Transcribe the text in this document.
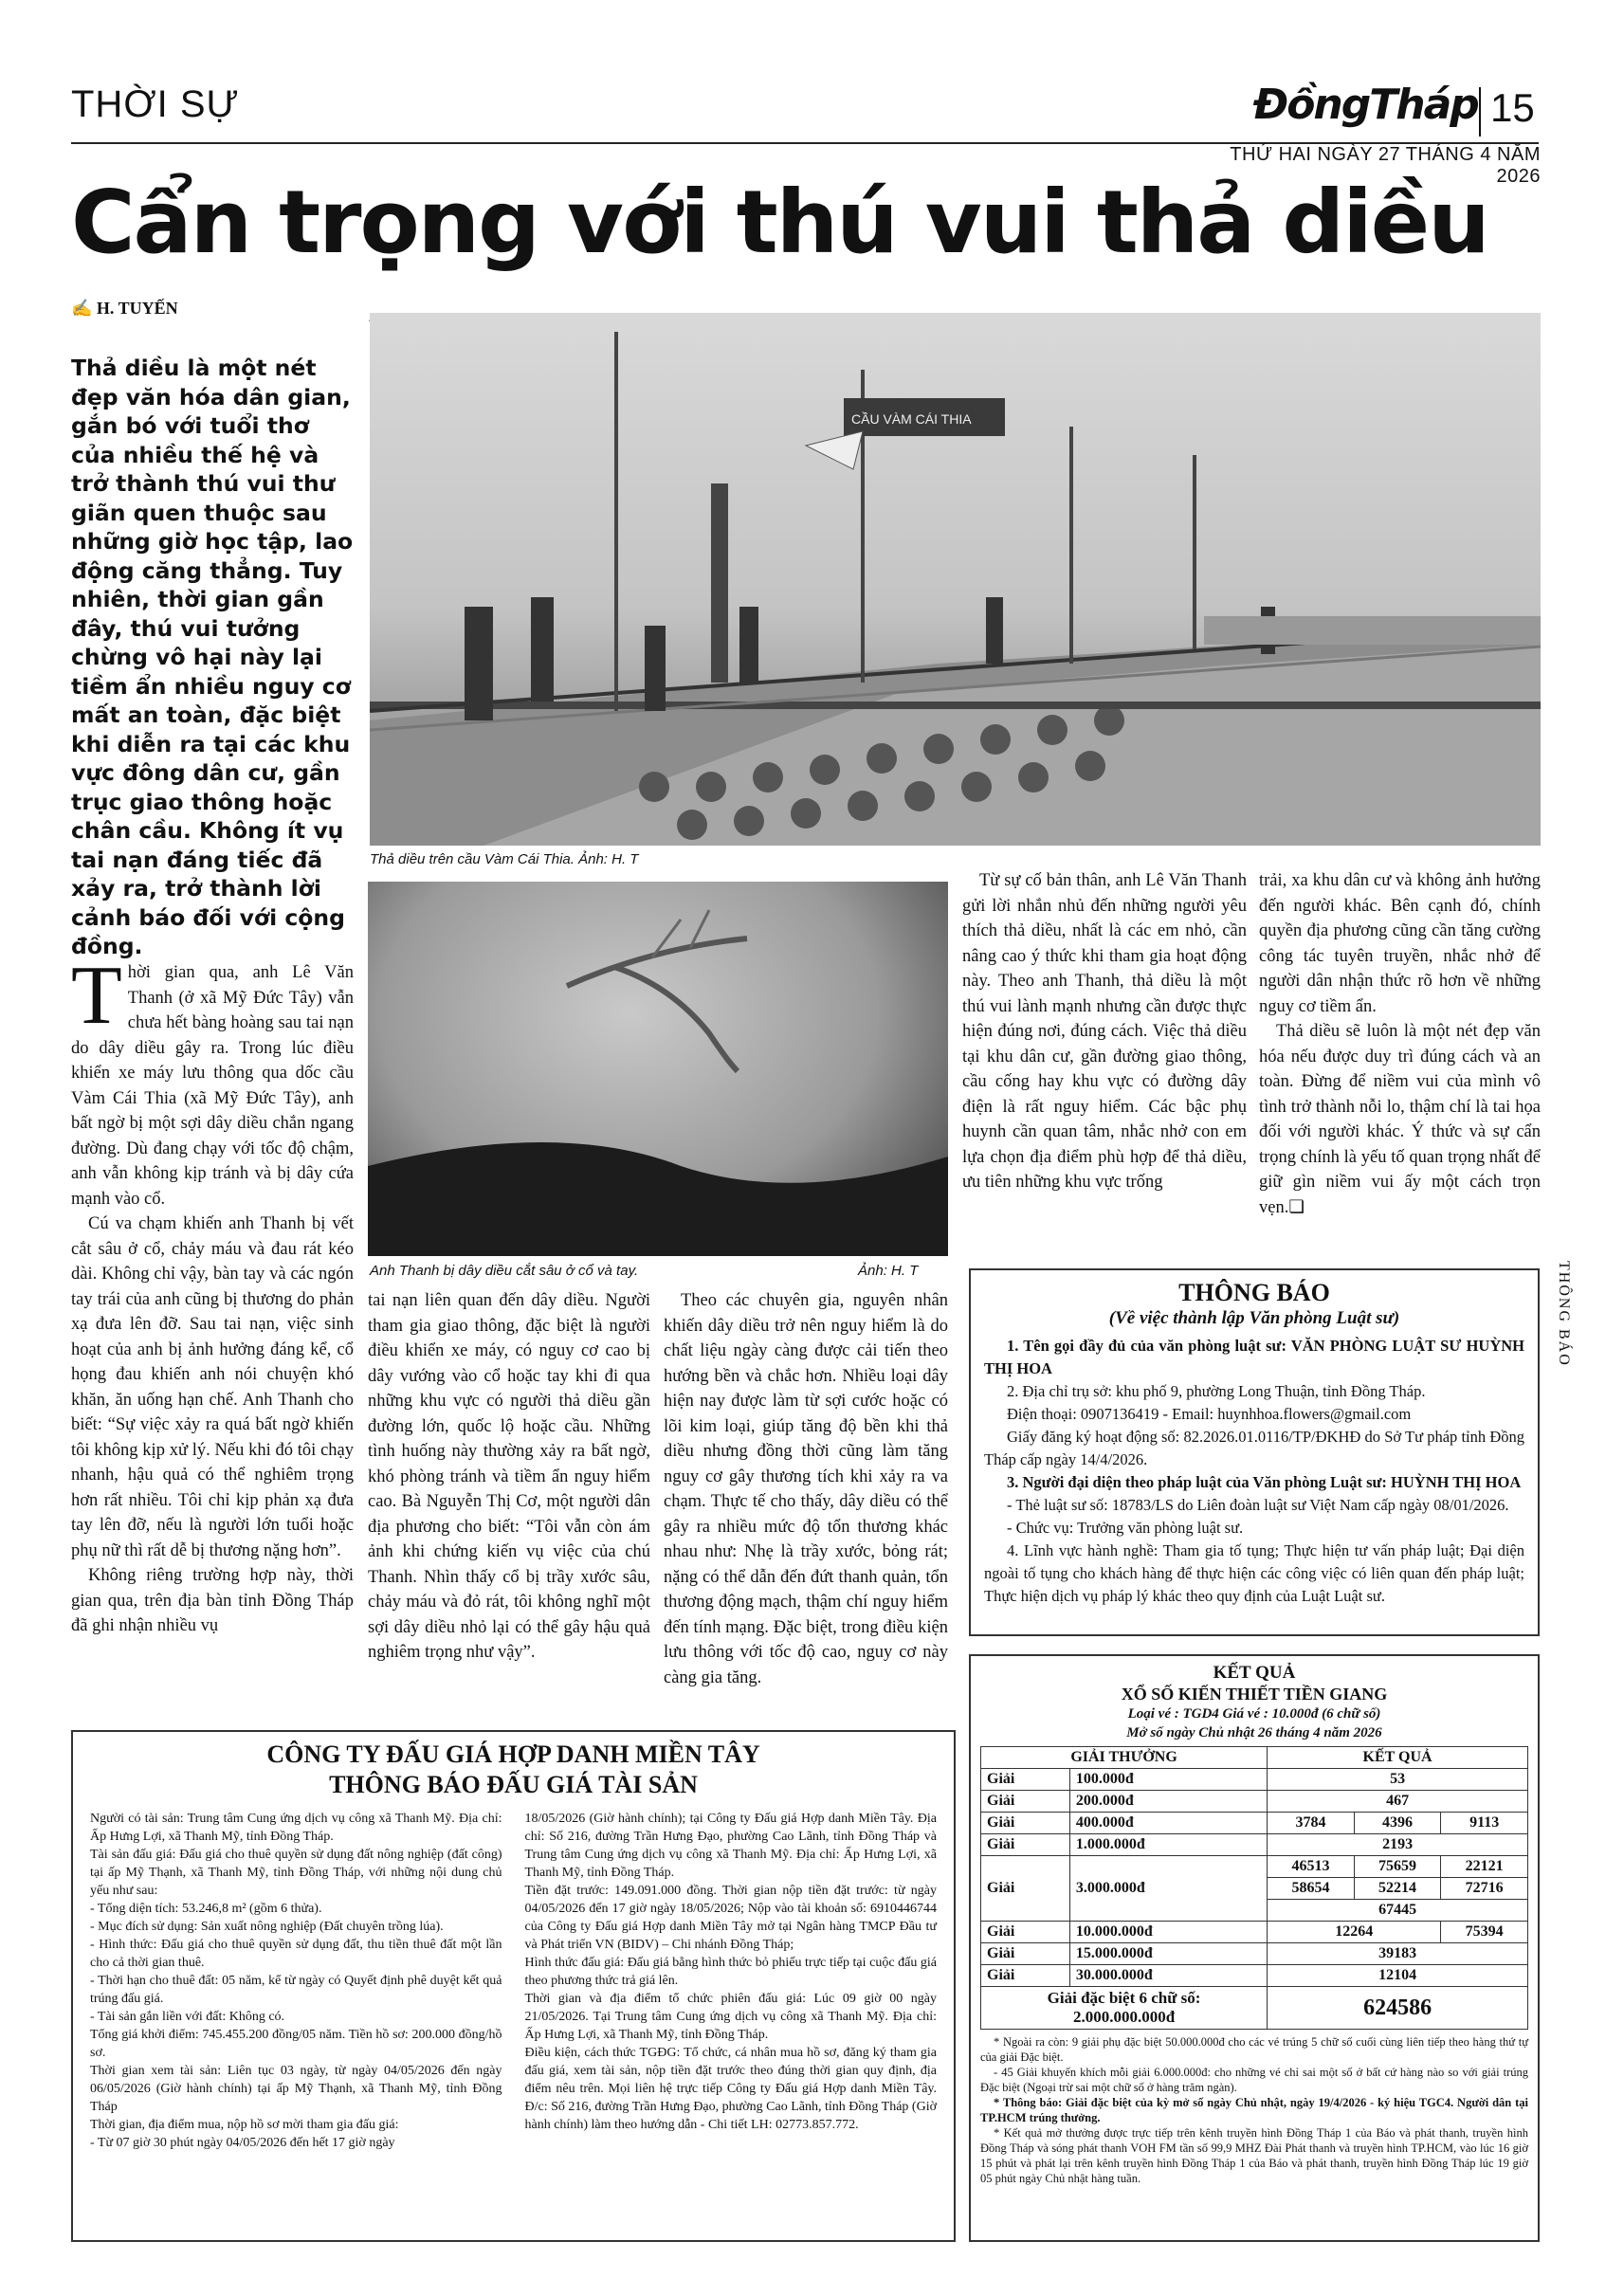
THỜI SỰ	ĐồngTháp 15
THỨ HAI NGÀY 27 THÁNG 4 NĂM 2026
Cẩn trọng với thú vui thả diều
✍ H. TUYẾN
Thả diều là một nét đẹp văn hóa dân gian, gắn bó với tuổi thơ của nhiều thế hệ và trở thành thú vui thư giãn quen thuộc sau những giờ học tập, lao động căng thẳng. Tuy nhiên, thời gian gần đây, thú vui tưởng chừng vô hại này lại tiềm ẩn nhiều nguy cơ mất an toàn, đặc biệt khi diễn ra tại các khu vực đông dân cư, gần trục giao thông hoặc chân cầu. Không ít vụ tai nạn đáng tiếc đã xảy ra, trở thành lời cảnh báo đối với cộng đồng.
CẦU VÀM CÁI THIA
Thả diều trên cầu Vàm Cái Thia. Ảnh: H. T
Anh Thanh bị dây diều cắt sâu ở cổ và tay.	Ảnh: H. T
T hời gian qua, anh Lê Văn Thanh (ở xã Mỹ Đức Tây) vẫn chưa hết bàng hoàng sau tai nạn do dây diều gây ra. Trong lúc điều khiển xe máy lưu thông qua dốc cầu Vàm Cái Thia (xã Mỹ Đức Tây), anh bất ngờ bị một sợi dây diều chắn ngang đường. Dù đang chạy với tốc độ chậm, anh vẫn không kịp tránh và bị dây cứa mạnh vào cổ.

Cú va chạm khiến anh Thanh bị vết cắt sâu ở cổ, chảy máu và đau rát kéo dài. Không chỉ vậy, bàn tay và các ngón tay trái của anh cũng bị thương do phản xạ đưa lên đỡ. Sau tai nạn, việc sinh hoạt của anh bị ảnh hưởng đáng kể, cổ họng đau khiến anh nói chuyện khó khăn, ăn uống hạn chế. Anh Thanh cho biết: “Sự việc xảy ra quá bất ngờ khiến tôi không kịp xử lý. Nếu khi đó tôi chạy nhanh, hậu quả có thể nghiêm trọng hơn rất nhiều. Tôi chỉ kịp phản xạ đưa tay lên đỡ, nếu là người lớn tuổi hoặc phụ nữ thì rất dễ bị thương nặng hơn”.

Không riêng trường hợp này, thời gian qua, trên địa bàn tỉnh Đồng Tháp đã ghi nhận nhiều vụ

tai nạn liên quan đến dây diều. Người tham gia giao thông, đặc biệt là người điều khiển xe máy, có nguy cơ cao bị dây vướng vào cổ hoặc tay khi đi qua những khu vực có người thả diều gần đường lớn, quốc lộ hoặc cầu. Những tình huống này thường xảy ra bất ngờ, khó phòng tránh và tiềm ẩn nguy hiểm cao. Bà Nguyễn Thị Cơ, một người dân địa phương cho biết: “Tôi vẫn còn ám ảnh khi chứng kiến vụ việc của chú Thanh. Nhìn thấy cổ bị trầy xước sâu, chảy máu và đỏ rát, tôi không nghĩ một sợi dây diều nhỏ lại có thể gây hậu quả nghiêm trọng như vậy”.

Theo các chuyên gia, nguyên nhân khiến dây diều trở nên nguy hiểm là do chất liệu ngày càng được cải tiến theo hướng bền và chắc hơn. Nhiều loại dây hiện nay được làm từ sợi cước hoặc có lõi kim loại, giúp tăng độ bền khi thả diều nhưng đồng thời cũng làm tăng nguy cơ gây thương tích khi xảy ra va chạm. Thực tế cho thấy, dây diều có thể gây ra nhiều mức độ tổn thương khác nhau như: Nhẹ là trầy xước, bỏng rát; nặng có thể dẫn đến đứt thanh quản, tổn thương động mạch, thậm chí nguy hiểm đến tính mạng. Đặc biệt, trong điều kiện lưu thông với tốc độ cao, nguy cơ này càng gia tăng.

Từ sự cố bản thân, anh Lê Văn Thanh gửi lời nhắn nhủ đến những người yêu thích thả diều, nhất là các em nhỏ, cần nâng cao ý thức khi tham gia hoạt động này. Theo anh Thanh, thả diều là một thú vui lành mạnh nhưng cần được thực hiện đúng nơi, đúng cách. Việc thả diều tại khu dân cư, gần đường giao thông, cầu cống hay khu vực có đường dây điện là rất nguy hiểm. Các bậc phụ huynh cần quan tâm, nhắc nhở con em lựa chọn địa điểm phù hợp để thả diều, ưu tiên những khu vực trống

trải, xa khu dân cư và không ảnh hưởng đến người khác. Bên cạnh đó, chính quyền địa phương cũng cần tăng cường công tác tuyên truyền, nhắc nhở để người dân nhận thức rõ hơn về những nguy cơ tiềm ẩn.

Thả diều sẽ luôn là một nét đẹp văn hóa nếu được duy trì đúng cách và an toàn. Đừng để niềm vui của mình vô tình trở thành nỗi lo, thậm chí là tai họa đối với người khác. Ý thức và sự cẩn trọng chính là yếu tố quan trọng nhất để giữ gìn niềm vui ấy một cách trọn vẹn.❏

THÔNG BÁO
THÔNG BÁO
(Về việc thành lập Văn phòng Luật sư)
1. Tên gọi đầy đủ của văn phòng luật sư: VĂN PHÒNG LUẬT SƯ HUỲNH THỊ HOA
2. Địa chỉ trụ sở: khu phố 9, phường Long Thuận, tỉnh Đồng Tháp.
Điện thoại: 0907136419 - Email: huynhhoa.flowers@gmail.com
Giấy đăng ký hoạt động số: 82.2026.01.0116/TP/ĐKHĐ do Sở Tư pháp tỉnh Đồng Tháp cấp ngày 14/4/2026.
3. Người đại diện theo pháp luật của Văn phòng Luật sư: HUỲNH THỊ HOA
- Thẻ luật sư số: 18783/LS do Liên đoàn luật sư Việt Nam cấp ngày 08/01/2026.
- Chức vụ: Trưởng văn phòng luật sư.
4. Lĩnh vực hành nghề: Tham gia tố tụng; Thực hiện tư vấn pháp luật; Đại diện ngoài tố tụng cho khách hàng để thực hiện các công việc có liên quan đến pháp luật; Thực hiện dịch vụ pháp lý khác theo quy định của Luật Luật sư.
KẾT QUẢ
XỔ SỐ KIẾN THIẾT TIỀN GIANG
Loại vé : TGD4 Giá vé : 10.000đ (6 chữ số)
Mở số ngày Chủ nhật 26 tháng 4 năm 2026
GIẢI THƯỞNG		KẾT QUẢ		
Giải	100.000đ	53		
Giải	200.000đ	467		
Giải	400.000đ	3784	4396	9113
Giải	1.000.000đ	2193		
Giải	3.000.000đ	46513	75659	22121
		58654	52214	72716
		67445		
Giải	10.000.000đ	12264		75394
Giải	15.000.000đ	39183		
Giải	30.000.000đ	12104		

Giải đặc biệt 6 chữ số:
2.000.000.000đ		624586		
* Ngoài ra còn: 9 giải phụ đặc biệt 50.000.000đ cho các vé trúng 5 chữ số cuối cùng liên tiếp theo hàng thứ tự của giải Đặc biệt.
- 45 Giải khuyến khích mỗi giải 6.000.000đ: cho những vé chỉ sai một số ở bất cứ hàng nào so với giải trúng Đặc biệt (Ngoại trừ sai một chữ số ở hàng trăm ngàn).
* Thông báo: Giải đặc biệt của kỳ mở số ngày Chủ nhật, ngày 19/4/2026 - ký hiệu TGC4. Người dân tại TP.HCM trúng thưởng.
* Kết quả mở thưởng được trực tiếp trên kênh truyền hình Đồng Tháp 1 của Báo và phát thanh, truyền hình Đồng Tháp và sóng phát thanh VOH FM tần số 99,9 MHZ Đài Phát thanh và truyền hình TP.HCM, vào lúc 16 giờ 15 phút và phát lại trên kênh truyền hình Đồng Tháp 1 của Báo và phát thanh, truyền hình Đồng Tháp lúc 19 giờ 05 phút ngày Chủ nhật hàng tuần.
CÔNG TY ĐẤU GIÁ HỢP DANH MIỀN TÂY
THÔNG BÁO ĐẤU GIÁ TÀI SẢN
Người có tài sản: Trung tâm Cung ứng dịch vụ công xã Thanh Mỹ. Địa chỉ: Ấp Hưng Lợi, xã Thanh Mỹ, tỉnh Đồng Tháp.
Tài sản đấu giá: Đấu giá cho thuê quyền sử dụng đất nông nghiệp (đất công) tại ấp Mỹ Thạnh, xã Thanh Mỹ, tỉnh Đồng Tháp, với những nội dung chủ yếu như sau:
- Tổng diện tích: 53.246,8 m² (gồm 6 thửa).
- Mục đích sử dụng: Sản xuất nông nghiệp (Đất chuyên trồng lúa).
- Hình thức: Đấu giá cho thuê quyền sử dụng đất, thu tiền thuê đất một lần cho cả thời gian thuê.
- Thời hạn cho thuê đất: 05 năm, kể từ ngày có Quyết định phê duyệt kết quả trúng đấu giá.
- Tài sản gắn liền với đất: Không có.
Tổng giá khởi điểm: 745.455.200 đồng/05 năm. Tiền hồ sơ: 200.000 đồng/hồ sơ.
Thời gian xem tài sản: Liên tục 03 ngày, từ ngày 04/05/2026 đến ngày 06/05/2026 (Giờ hành chính) tại ấp Mỹ Thạnh, xã Thanh Mỹ, tỉnh Đồng Tháp
Thời gian, địa điểm mua, nộp hồ sơ mời tham gia đấu giá:
- Từ 07 giờ 30 phút ngày 04/05/2026 đến hết 17 giờ ngày
18/05/2026 (Giờ hành chính); tại Công ty Đấu giá Hợp danh Miền Tây. Địa chỉ: Số 216, đường Trần Hưng Đạo, phường Cao Lãnh, tỉnh Đồng Tháp và Trung tâm Cung ứng dịch vụ công xã Thanh Mỹ. Địa chỉ: Ấp Hưng Lợi, xã Thanh Mỹ, tỉnh Đồng Tháp.
Tiền đặt trước: 149.091.000 đồng. Thời gian nộp tiền đặt trước: từ ngày 04/05/2026 đến 17 giờ ngày 18/05/2026; Nộp vào tài khoản số: 6910446744 của Công ty Đấu giá Hợp danh Miền Tây mở tại Ngân hàng TMCP Đầu tư và Phát triển VN (BIDV) – Chi nhánh Đồng Tháp;
Hình thức đấu giá: Đấu giá bằng hình thức bỏ phiếu trực tiếp tại cuộc đấu giá theo phương thức trả giá lên.
Thời gian và địa điểm tổ chức phiên đấu giá: Lúc 09 giờ 00 ngày 21/05/2026. Tại Trung tâm Cung ứng dịch vụ công xã Thanh Mỹ. Địa chỉ: Ấp Hưng Lợi, xã Thanh Mỹ, tỉnh Đồng Tháp.
Điều kiện, cách thức TGĐG: Tổ chức, cá nhân mua hồ sơ, đăng ký tham gia đấu giá, xem tài sản, nộp tiền đặt trước theo đúng thời gian quy định, địa điểm nêu trên. Mọi liên hệ trực tiếp Công ty Đấu giá Hợp danh Miền Tây. Đ/c: Số 216, đường Trần Hưng Đạo, phường Cao Lãnh, tỉnh Đồng Tháp (Giờ hành chính) làm theo hướng dẫn - Chi tiết LH: 02773.857.772.
